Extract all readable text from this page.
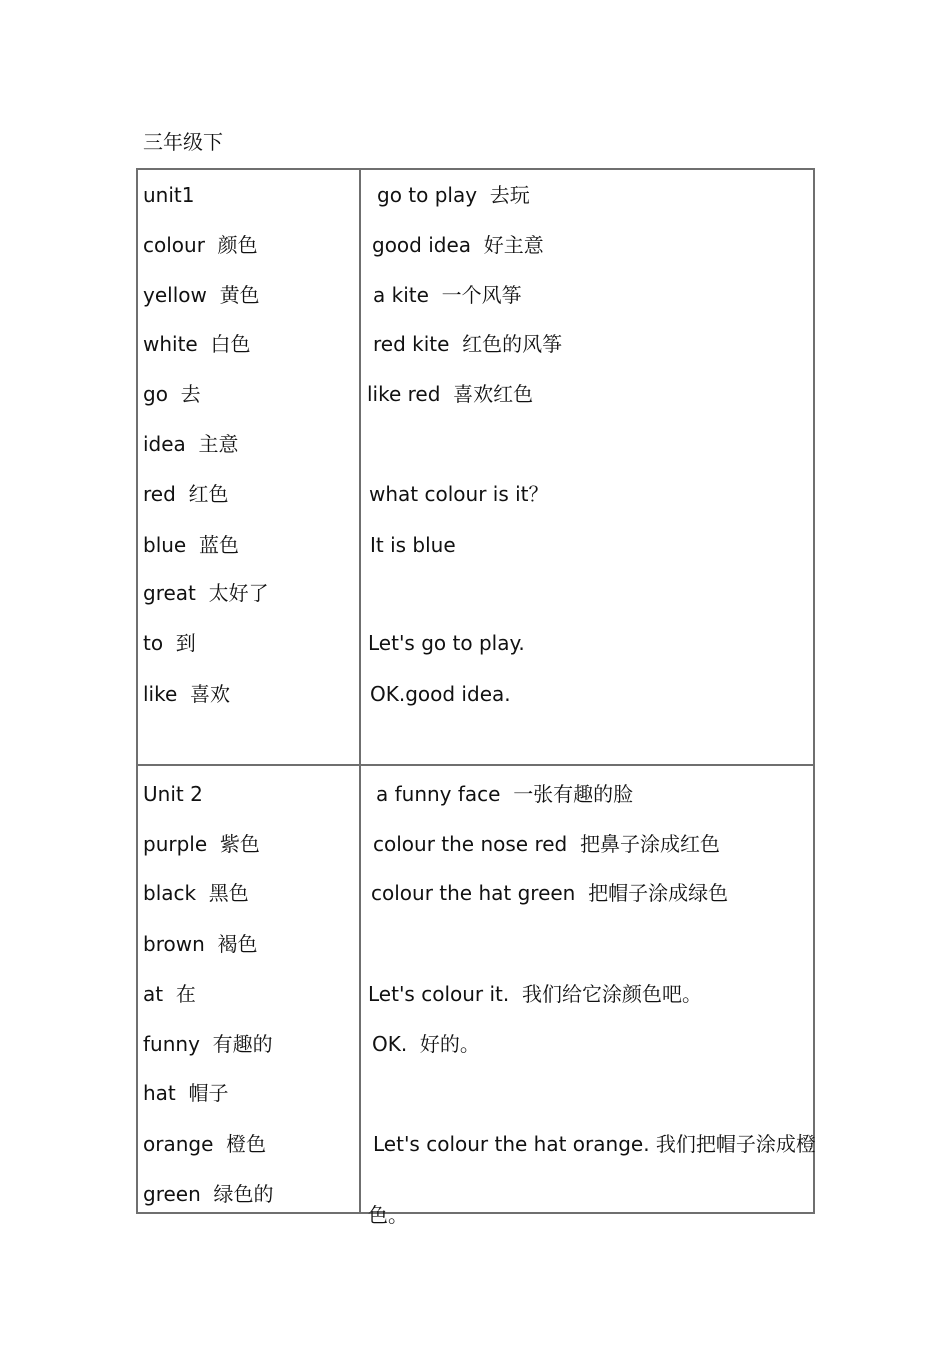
三年级下
unit1
colour  颜色
yellow  黄色
white  白色
go  去
idea  主意
red  红色
blue  蓝色
great  太好了
to  到
like  喜欢
go to play  去玩
good idea  好主意
a kite  一个风筝
red kite  红色的风筝
like red  喜欢红色
what colour is it？
It is blue
Let's go to play.
OK.good idea.
Unit 2
purple  紫色
black  黑色
brown  褐色
at  在
funny  有趣的
hat  帽子
orange  橙色
green  绿色的
a funny face  一张有趣的脸
colour the nose red  把鼻子涂成红色
colour the hat green  把帽子涂成绿色
Let's colour it.  我们给它涂颜色吧。
OK.  好的。
Let's colour the hat orange. 我们把帽子涂成橙
色。
